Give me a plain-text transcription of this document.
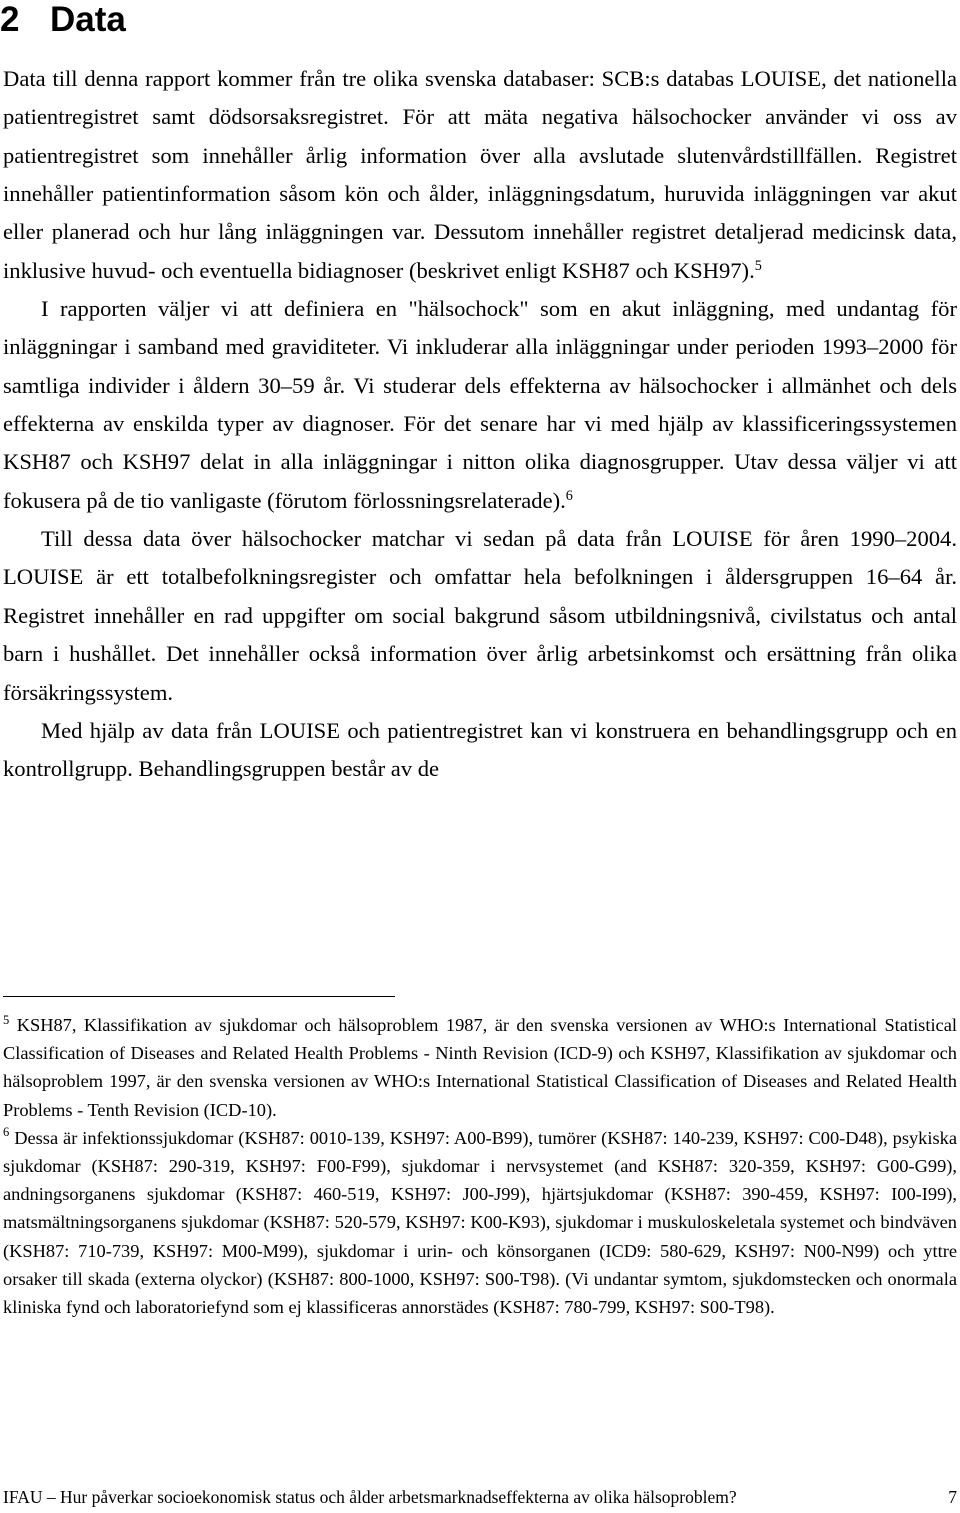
2 Data

Data till denna rapport kommer från tre olika svenska databaser: SCB:s databas LOUISE, det nationella patientregistret samt dödsorsaksregistret. För att mäta negativa hälsochocker använder vi oss av patientregistret som innehåller årlig information över alla avslutade slutenvårdstillfällen. Registret innehåller patientinformation såsom kön och ålder, inläggningsdatum, huruvida inläggningen var akut eller planerad och hur lång inläggningen var. Dessutom innehåller registret detaljerad medicinsk data, inklusive huvud- och eventuella bidiagnoser (beskrivet enligt KSH87 och KSH97).$^5$
I rapporten väljer vi att definiera en "hälsochock" som en akut inläggning, med undantag för inläggningar i samband med graviditeter. Vi inkluderar alla inläggningar under perioden 1993–2000 för samtliga individer i åldern 30–59 år. Vi studerar dels effekterna av hälsochocker i allmänhet och dels effekterna av enskilda typer av diagnoser. För det senare har vi med hjälp av klassificeringssystemen KSH87 och KSH97 delat in alla inläggningar i nitton olika diagnosgrupper. Utav dessa väljer vi att fokusera på de tio vanligaste (förutom förlossningsrelaterade).$^6$

Till dessa data över hälsochocker matchar vi sedan på data från LOUISE för åren 1990–2004. LOUISE är ett totalbefolkningsregister och omfattar hela befolkningen i åldersgruppen 16–64 år. Registret innehåller en rad uppgifter om social bakgrund såsom utbildningsnivå, civilstatus och antal barn i hushållet. Det innehåller också information över årlig arbetsinkomst och ersättning från olika försäkringssystem.

Med hjälp av data från LOUISE och patientregistret kan vi konstruera en behandlingsgrupp och en kontrollgrupp. Behandlingsgruppen består av de

$^5$ KSH87, Klassifikation av sjukdomar och hälsoproblem 1987, är den svenska versionen av WHO:s International Statistical Classification of Diseases and Related Health Problems - Ninth Revision (ICD-9) och KSH97, Klassifikation av sjukdomar och hälsoproblem 1997, är den svenska versionen av WHO:s International Statistical Classification of Diseases and Related Health Problems - Tenth Revision (ICD-10).

$^6$ Dessa är infektionssjukdomar (KSH87: 0010-139, KSH97: A00-B99), tumörer (KSH87: 140-239, KSH97: C00-D48), psykiska sjukdomar (KSH87: 290-319, KSH97: F00-F99), sjukdomar i nervsystemet (and KSH87: 320-359, KSH97: G00-G99), andningsorganens sjukdomar (KSH87: 460-519, KSH97: J00-J99), hjärtsjukdomar (KSH87: 390-459, KSH97: I00-I99), matsmältningsorganens sjukdomar (KSH87: 520-579, KSH97: K00-K93), sjukdomar i muskuloskeletala systemet och bindväven (KSH87: 710-739, KSH97: M00-M99), sjukdomar i urin- och könsorganen (ICD9: 580-629, KSH97: N00-N99) och yttre orsaker till skada (externa olyckor) (KSH87: 800-1000, KSH97: S00-T98). (Vi undantar symtom, sjukdomstecken och onormala kliniska fynd och laboratoriefynd som ej klassificeras annorstädes (KSH87: 780-799, KSH97: S00-T98).

IFAU – Hur påverkar socioekonomisk status och ålder arbetsmarknadseffekterna av olika hälsoproblem?	7
